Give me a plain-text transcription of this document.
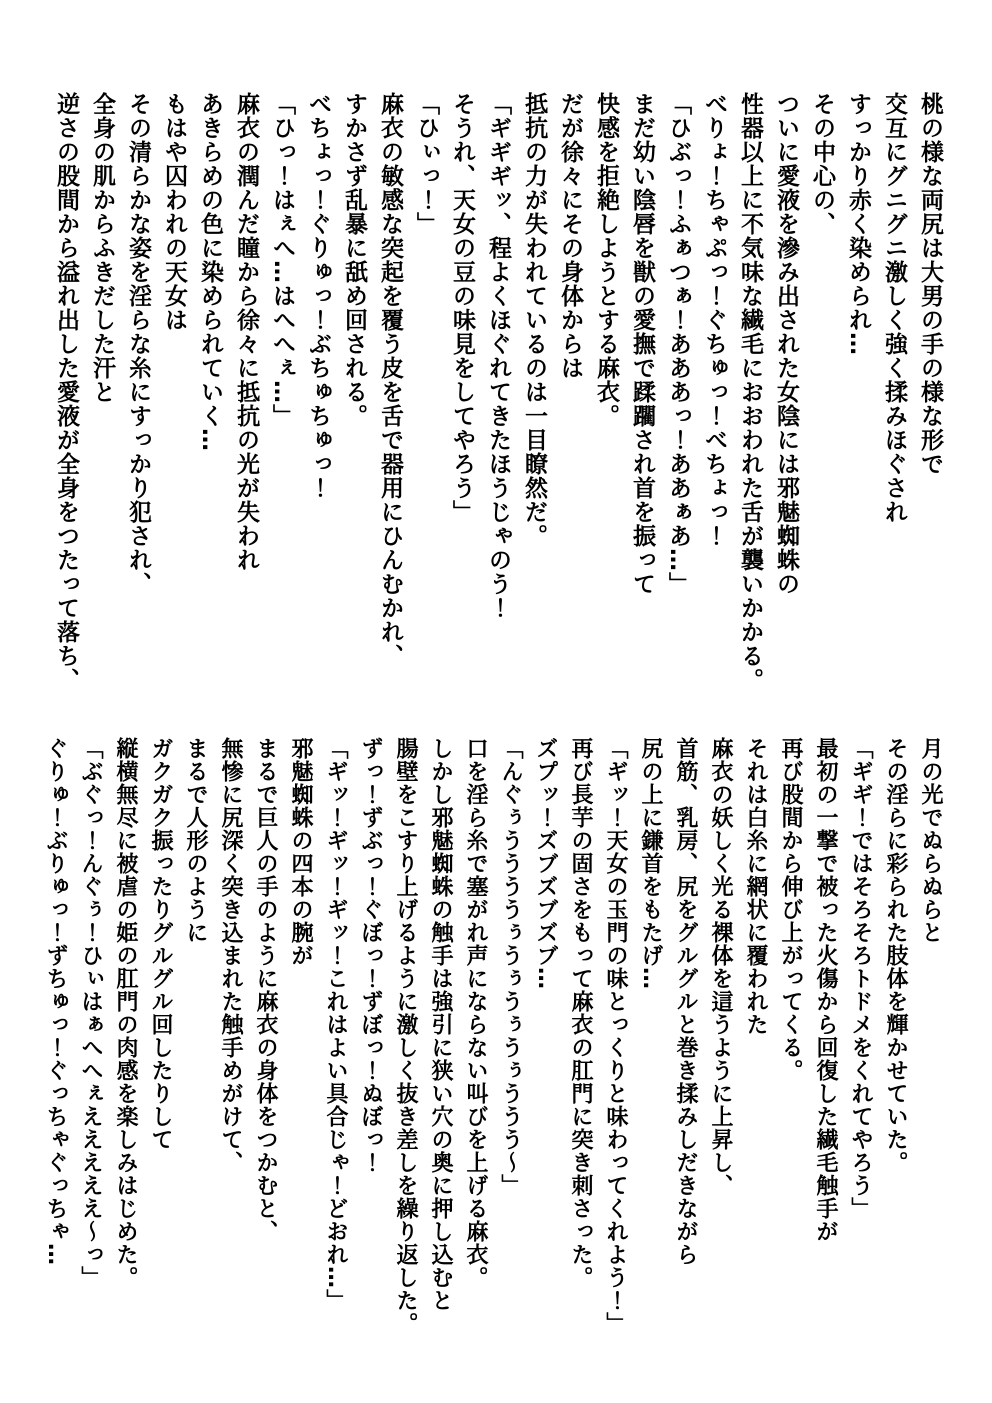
桃の様な両尻は大男の手の様な形で

交互にグニグニ激しく強く揉みほぐされ

すっかり赤く染められ…

その中心の、

ついに愛液を滲み出された女陰には邪魅蜘蛛の

性器以上に不気味な繊毛におおわれた舌が襲いかかる。

べりょ！ちゃぷっ！ぐちゅっ！べちょっ！

「ひぶっ！ふぁつぁ！あああっ！ああぁあ…」

まだ幼い陰唇を獣の愛撫で蹂躙され首を振って

快感を拒絶しようとする麻衣。

だが徐々にその身体からは

抵抗の力が失われているのは一目瞭然だ。

「ギギギッ、程よくほぐれてきたほうじゃのう！

そうれ、天女の豆の味見をしてやろう」

「ひぃっ！」

麻衣の敏感な突起を覆う皮を舌で器用にひんむかれ、

すかさず乱暴に舐め回される。

べちょっ！ぐりゅっ！ぶちゅちゅっ！

「ひっ！はぇへ…はへへぇ…」

麻衣の潤んだ瞳から徐々に抵抗の光が失われ

あきらめの色に染められていく…

もはや囚われの天女は

その清らかな姿を淫らな糸にすっかり犯され、

全身の肌からふきだした汗と

逆さの股間から溢れ出した愛液が全身をつたって落ち、

月の光でぬらぬらと

その淫らに彩られた肢体を輝かせていた。

「ギギ！ではそろそろトドメをくれてやろう」

最初の一撃で被った火傷から回復した繊毛触手が

再び股間から伸び上がってくる。

それは白糸に網状に覆われた

麻衣の妖しく光る裸体を這うように上昇し、

首筋、乳房、尻をグルグルと巻き揉みしだきながら

尻の上に鎌首をもたげ…

「ギッ！天女の玉門の味とっくりと味わってくれよう！」

再び長芋の固さをもって麻衣の肛門に突き刺さった。

ズプッ！ズブズブズブ…

「んぐぅううううぅうぅうぅうぅううう～」

口を淫ら糸で塞がれ声にならない叫びを上げる麻衣。

しかし邪魅蜘蛛の触手は強引に狭い穴の奥に押し込むと

腸壁をこすり上げるように激しく抜き差しを繰り返した。

ずっ！ずぶっ！ぐぼっ！ずぼっ！ぬぼっ！

「ギッ！ギッ！ギッ！これはよい具合じゃ！どおれ…」

邪魅蜘蛛の四本の腕が

まるで巨人の手のように麻衣の身体をつかむと、

無惨に尻深く突き込まれた触手めがけて、

まるで人形のように

ガクガク振ったりグルグル回したりして

縦横無尽に被虐の姫の肛門の肉感を楽しみはじめた。

「ぶぐっ！んぐぅ！ひぃはぁへへぇえええええ～っ」

ぐりゅ！ぶりゅっ！ずちゅっ！ぐっちゃぐっちゃ…
